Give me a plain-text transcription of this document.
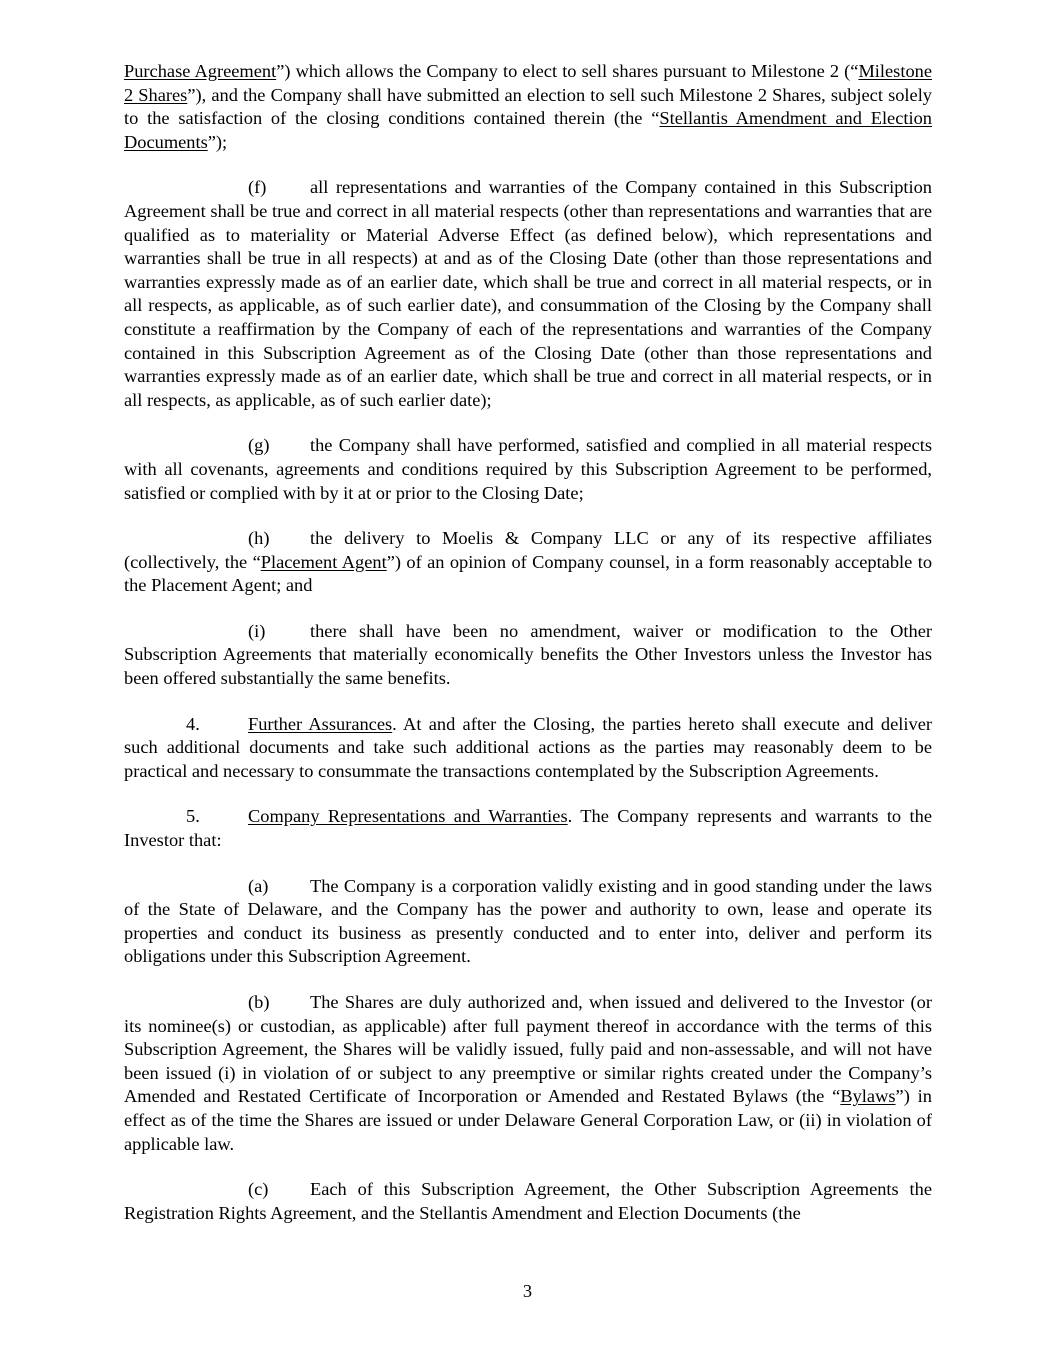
Purchase Agreement”) which allows the Company to elect to sell shares pursuant to Milestone 2 (“Milestone 2 Shares”), and the Company shall have submitted an election to sell such Milestone 2 Shares, subject solely to the satisfaction of the closing conditions contained therein (the “Stellantis Amendment and Election Documents”);

(f) all representations and warranties of the Company contained in this Subscription Agreement shall be true and correct in all material respects (other than representations and warranties that are qualified as to materiality or Material Adverse Effect (as defined below), which representations and warranties shall be true in all respects) at and as of the Closing Date (other than those representations and warranties expressly made as of an earlier date, which shall be true and correct in all material respects, or in all respects, as applicable, as of such earlier date), and consummation of the Closing by the Company shall constitute a reaffirmation by the Company of each of the representations and warranties of the Company contained in this Subscription Agreement as of the Closing Date (other than those representations and warranties expressly made as of an earlier date, which shall be true and correct in all material respects, or in all respects, as applicable, as of such earlier date);

(g) the Company shall have performed, satisfied and complied in all material respects with all covenants, agreements and conditions required by this Subscription Agreement to be performed, satisfied or complied with by it at or prior to the Closing Date;

(h) the delivery to Moelis & Company LLC or any of its respective affiliates (collectively, the “Placement Agent”) of an opinion of Company counsel, in a form reasonably acceptable to the Placement Agent; and

(i) there shall have been no amendment, waiver or modification to the Other Subscription Agreements that materially economically benefits the Other Investors unless the Investor has been offered substantially the same benefits.

4.	Further Assurances. At and after the Closing, the parties hereto shall execute and deliver such additional documents and take such additional actions as the parties may reasonably deem to be practical and necessary to consummate the transactions contemplated by the Subscription Agreements.

5.	Company Representations and Warranties. The Company represents and warrants to the Investor that:

(a) The Company is a corporation validly existing and in good standing under the laws of the State of Delaware, and the Company has the power and authority to own, lease and operate its properties and conduct its business as presently conducted and to enter into, deliver and perform its obligations under this Subscription Agreement.

(b) The Shares are duly authorized and, when issued and delivered to the Investor (or its nominee(s) or custodian, as applicable) after full payment thereof in accordance with the terms of this Subscription Agreement, the Shares will be validly issued, fully paid and non-assessable, and will not have been issued (i) in violation of or subject to any preemptive or similar rights created under the Company’s Amended and Restated Certificate of Incorporation or Amended and Restated Bylaws (the “Bylaws”) in effect as of the time the Shares are issued or under Delaware General Corporation Law, or (ii) in violation of applicable law.

(c) Each of this Subscription Agreement, the Other Subscription Agreements the Registration Rights Agreement, and the Stellantis Amendment and Election Documents (the

3
